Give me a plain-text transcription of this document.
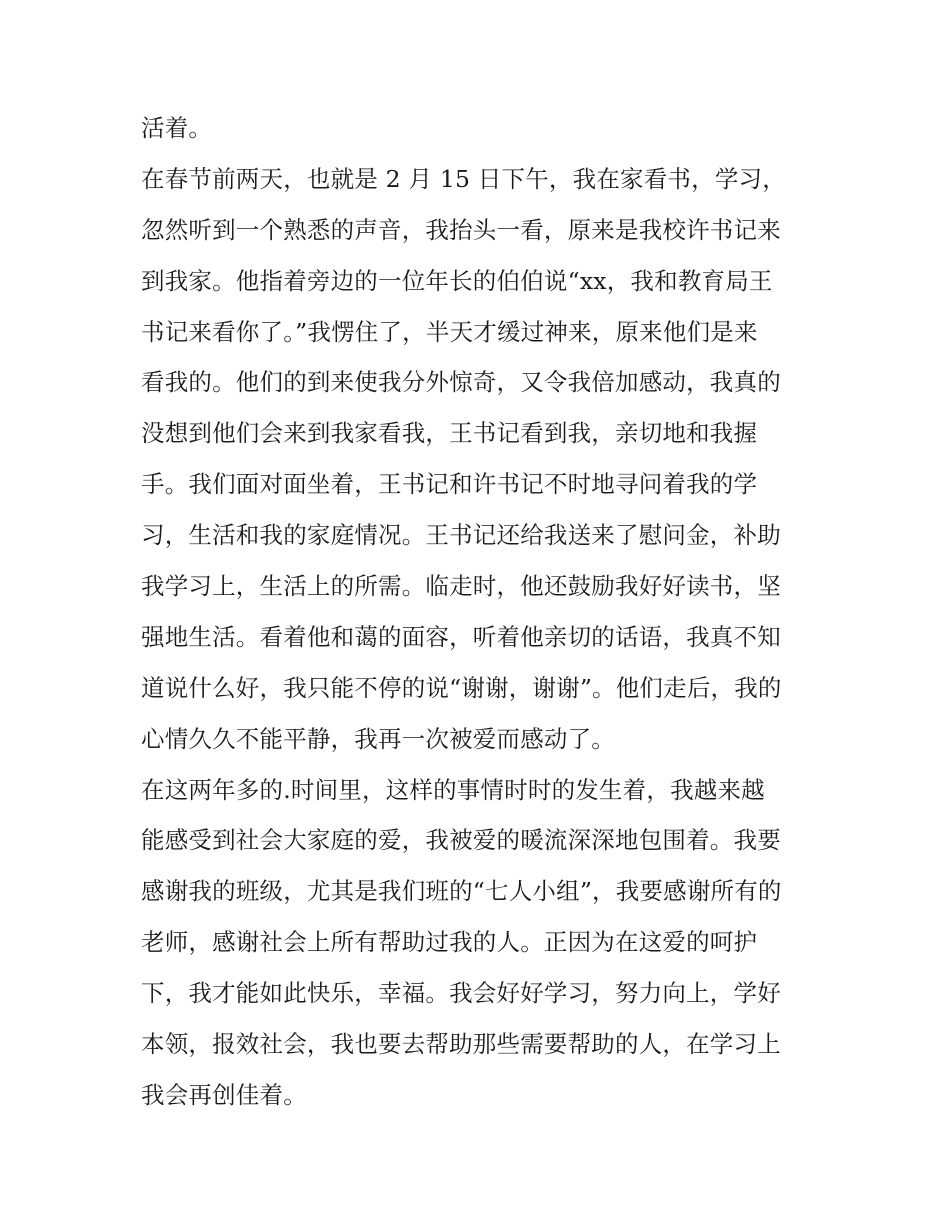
活着。
在春节前两天，也就是 2 月 15 日下午，我在家看书，学习，
忽然听到一个熟悉的声音，我抬头一看，原来是我校许书记来
到我家。他指着旁边的一位年长的伯伯说“xx，我和教育局王
书记来看你了。”我愣住了，半天才缓过神来，原来他们是来
看我的。他们的到来使我分外惊奇，又令我倍加感动，我真的
没想到他们会来到我家看我，王书记看到我，亲切地和我握
手。我们面对面坐着，王书记和许书记不时地寻问着我的学
习，生活和我的家庭情况。王书记还给我送来了慰问金，补助
我学习上，生活上的所需。临走时，他还鼓励我好好读书，坚
强地生活。看着他和蔼的面容，听着他亲切的话语，我真不知
道说什么好，我只能不停的说“谢谢，谢谢”。他们走后，我的
心情久久不能平静，我再一次被爱而感动了。
在这两年多的.时间里，这样的事情时时的发生着，我越来越
能感受到社会大家庭的爱，我被爱的暖流深深地包围着。我要
感谢我的班级，尤其是我们班的“七人小组”，我要感谢所有的
老师，感谢社会上所有帮助过我的人。正因为在这爱的呵护
下，我才能如此快乐，幸福。我会好好学习，努力向上，学好
本领，报效社会，我也要去帮助那些需要帮助的人，在学习上
我会再创佳着。
